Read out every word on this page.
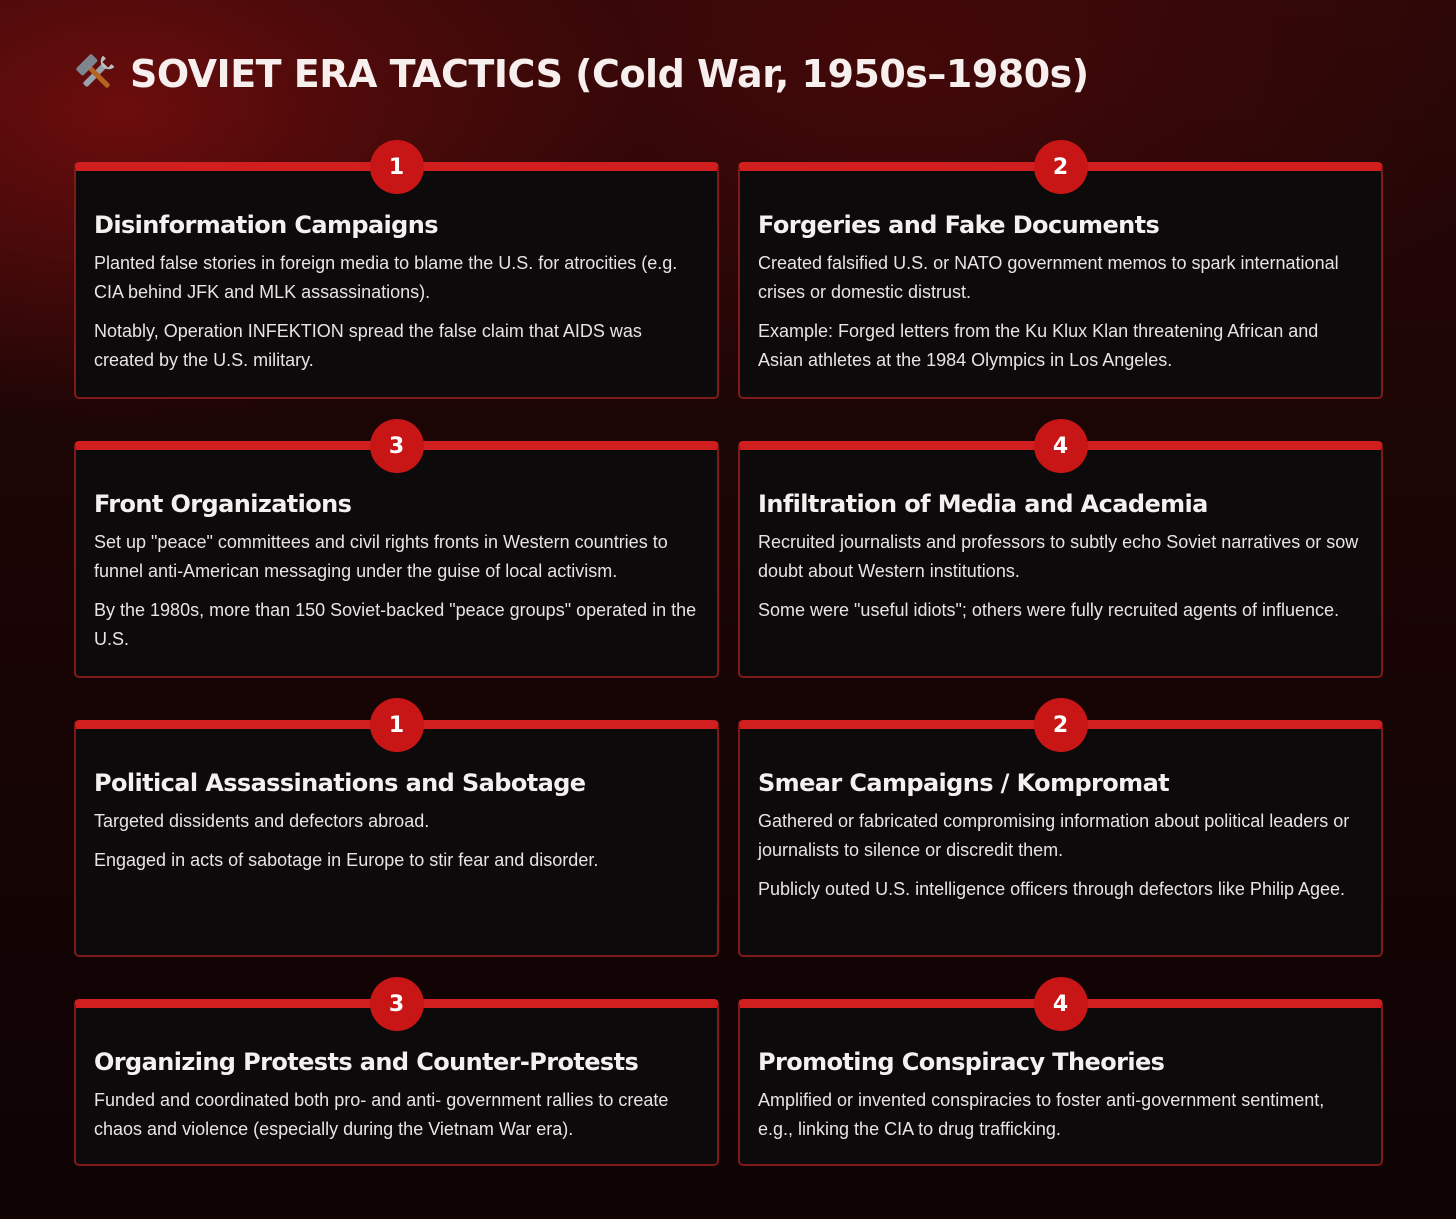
SOVIET ERA TACTICS (Cold War, 1950s–1980s)
1
Disinformation Campaigns

Planted false stories in foreign media to blame the U.S. for atrocities (e.g. CIA behind JFK and MLK assassinations).

Notably, Operation INFEKTION spread the false claim that AIDS was created by the U.S. military.

2
Forgeries and Fake Documents

Created falsified U.S. or NATO government memos to spark international crises or domestic distrust.

Example: Forged letters from the Ku Klux Klan threatening African and Asian athletes at the 1984 Olympics in Los Angeles.

3
Front Organizations

Set up "peace" committees and civil rights fronts in Western countries to funnel anti-American messaging under the guise of local activism.

By the 1980s, more than 150 Soviet-backed "peace groups" operated in the U.S.

4
Infiltration of Media and Academia

Recruited journalists and professors to subtly echo Soviet narratives or sow doubt about Western institutions.

Some were "useful idiots"; others were fully recruited agents of influence.

1
Political Assassinations and Sabotage

Targeted dissidents and defectors abroad.

Engaged in acts of sabotage in Europe to stir fear and disorder.

2
Smear Campaigns / Kompromat

Gathered or fabricated compromising information about political leaders or journalists to silence or discredit them.

Publicly outed U.S. intelligence officers through defectors like Philip Agee.

3
Organizing Protests and Counter-Protests

Funded and coordinated both pro- and anti- government rallies to create chaos and violence (especially during the Vietnam War era).

4
Promoting Conspiracy Theories

Amplified or invented conspiracies to foster anti-government sentiment, e.g., linking the CIA to drug trafficking.
